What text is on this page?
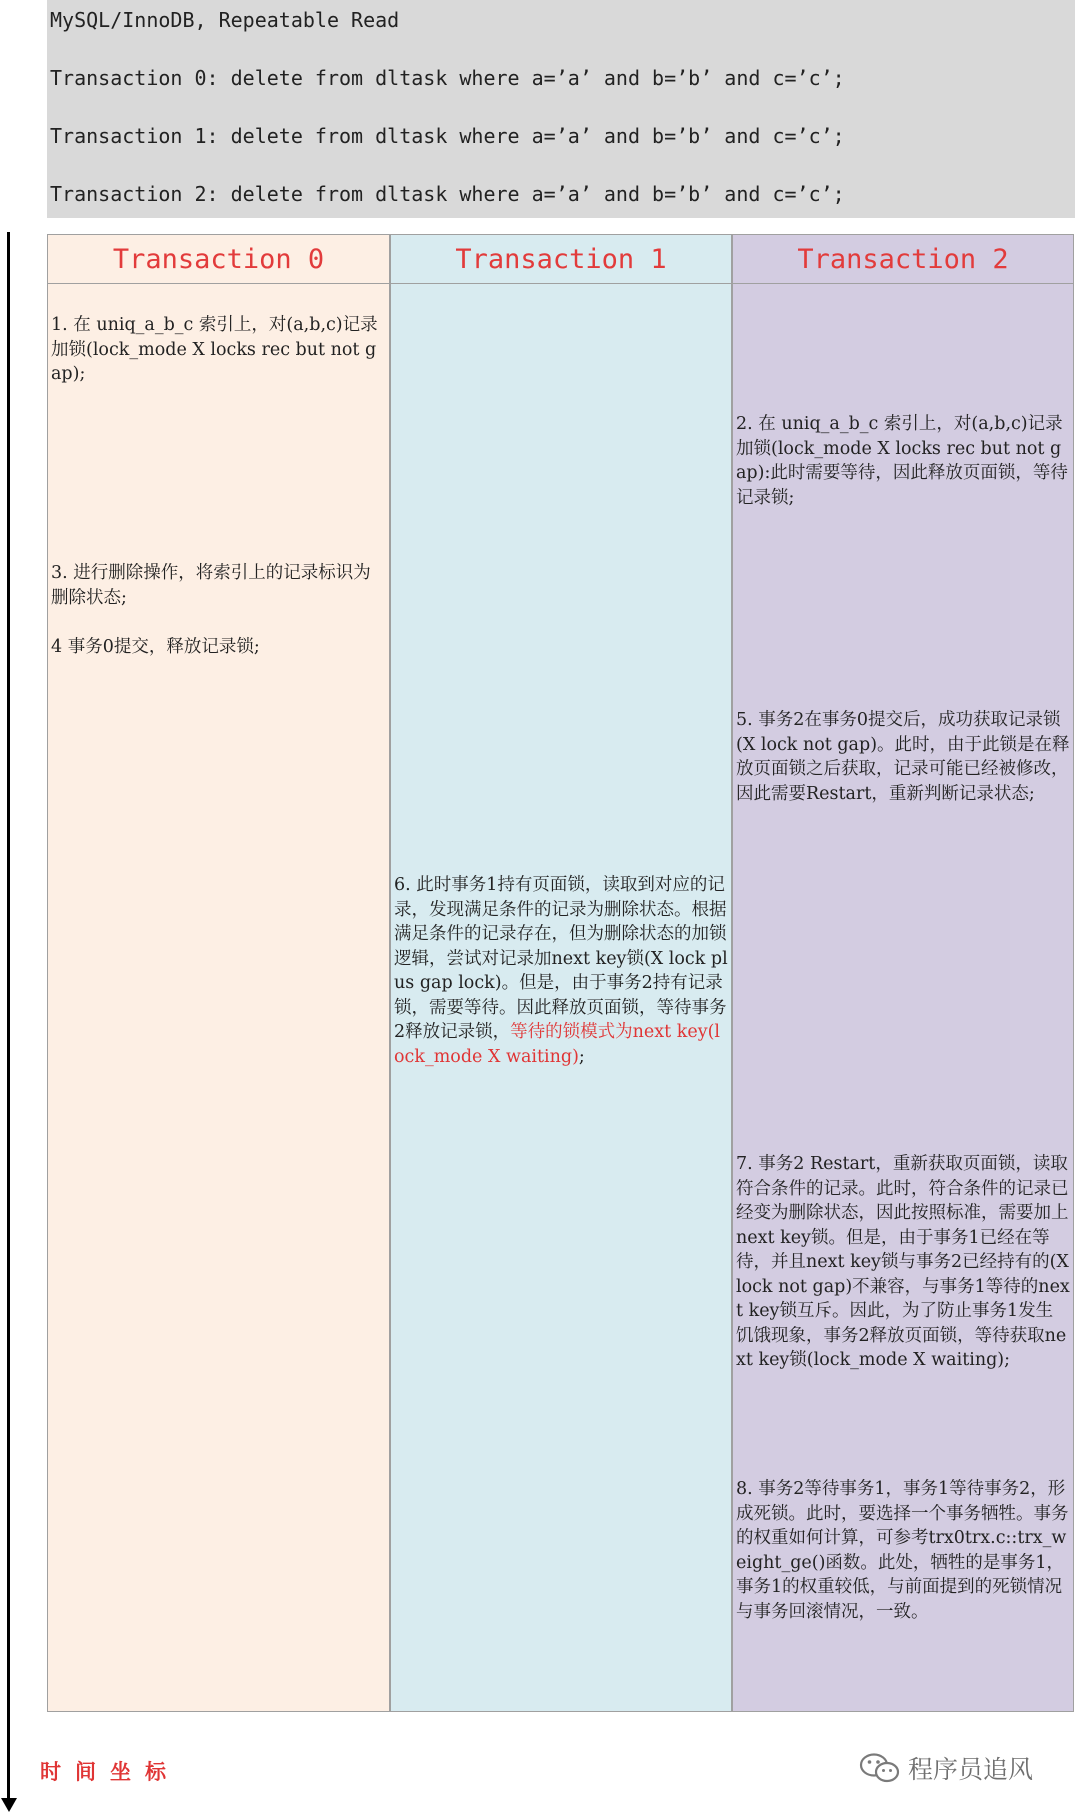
MySQL/InnoDB, Repeatable Read

Transaction 0: delete from dltask where a=’a’ and b=’b’ and c=’c’;

Transaction 1: delete from dltask where a=’a’ and b=’b’ and c=’c’;

Transaction 2: delete from dltask where a=’a’ and b=’b’ and c=’c’;

Transaction 0

1. 在 uniq_a_b_c 索引上，对(a,b,c)记录加锁(lock_mode X locks rec but not gap);

3. 进行删除操作，将索引上的记录标识为删除状态;

4 事务0提交，释放记录锁;

Transaction 1

6. 此时事务1持有页面锁，读取到对应的记录，发现满足条件的记录为删除状态。根据满足条件的记录存在，但为删除状态的加锁逻辑，尝试对记录加next key锁(X lock plus gap lock)。但是，由于事务2持有记录锁，需要等待。因此释放页面锁，等待事务2释放记录锁，等待的锁模式为next key(lock_mode X waiting);

Transaction 2

2. 在 uniq_a_b_c 索引上，对(a,b,c)记录加锁(lock_mode X locks rec but not gap):此时需要等待，因此释放页面锁，等待记录锁;

5. 事务2在事务0提交后，成功获取记录锁(X lock not gap)。此时，由于此锁是在释放页面锁之后获取，记录可能已经被修改，因此需要Restart，重新判断记录状态;

7. 事务2 Restart，重新获取页面锁，读取符合条件的记录。此时，符合条件的记录已经变为删除状态，因此按照标准，需要加上next key锁。但是，由于事务1已经在等待，并且next key锁与事务2已经持有的(X lock not gap)不兼容，与事务1等待的next key锁互斥。因此，为了防止事务1发生饥饿现象，事务2释放页面锁，等待获取next key锁(lock_mode X waiting);

8. 事务2等待事务1，事务1等待事务2，形成死锁。此时，要选择一个事务牺牲。事务的权重如何计算，可参考trx0trx.c::trx_weight_ge()函数。此处，牺牲的是事务1，事务1的权重较低，与前面提到的死锁情况与事务回滚情况，一致。

时间坐标	程序员追风
